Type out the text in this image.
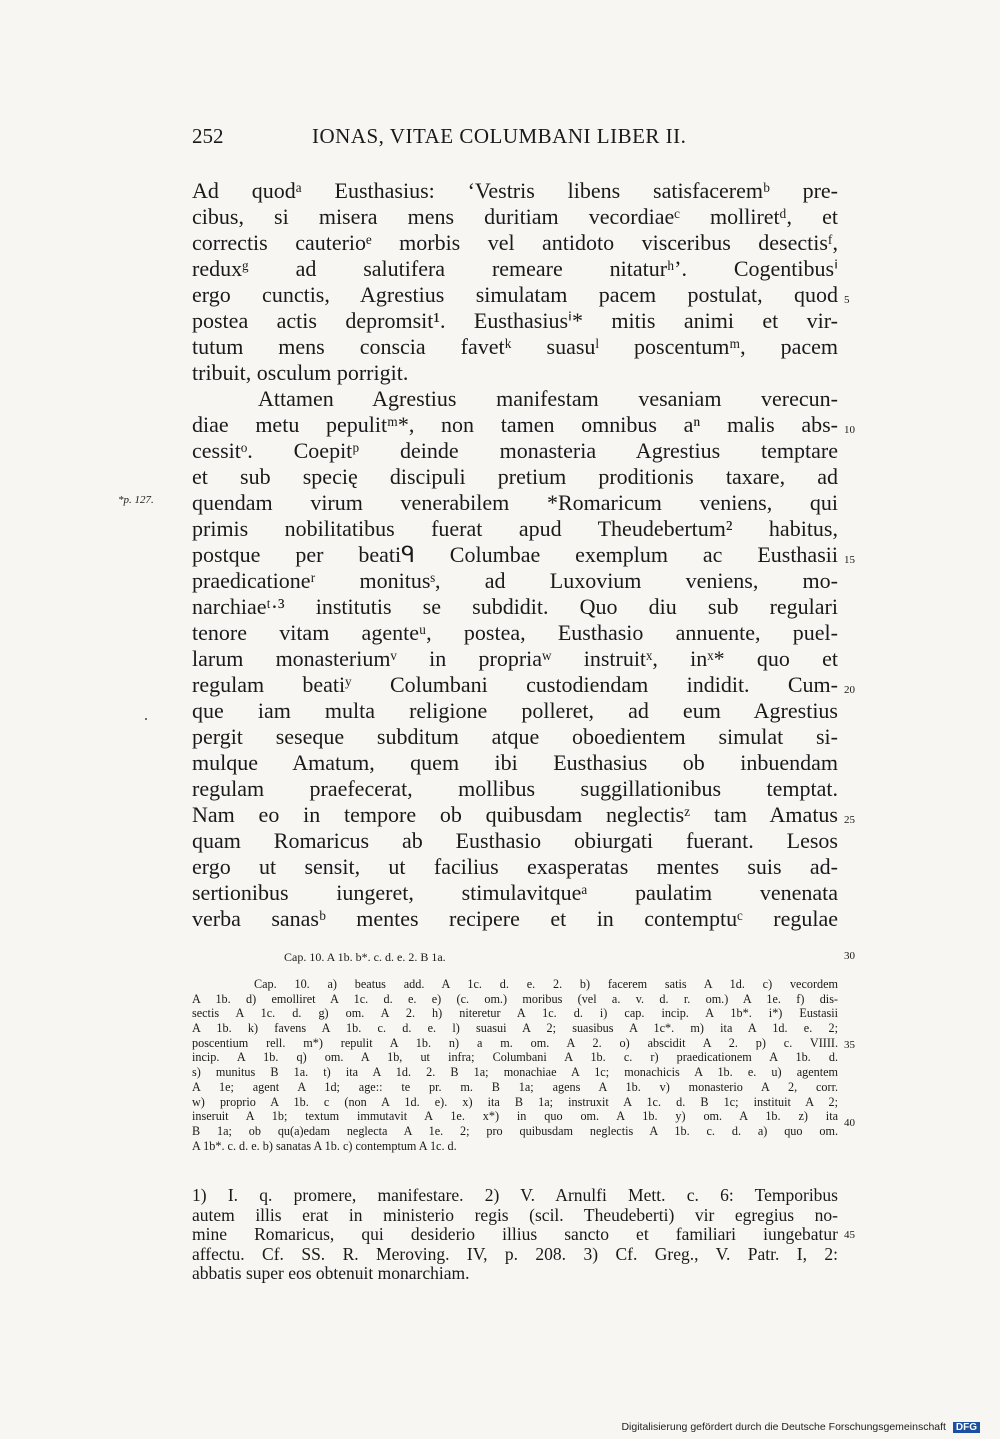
252	IONAS, VITAE COLUMBANI LIBER II.
Ad quodᵃ Eusthasius: ‘Vestris libens satisfaceremᵇ pre-
cibus, si misera mens duritiam vecordiaeᶜ molliretᵈ, et
correctis cauterioᵉ morbis vel antidoto visceribus desectisᶠ,
reduxᵍ ad salutifera remeare nitaturʰ’. Cogentibusⁱ
ergo cunctis, Agrestius simulatam pacem postulat, quod
postea actis depromsit¹. Eusthasiusⁱ* mitis animi et vir-
tutum mens conscia favetᵏ suasuˡ poscentumᵐ, pacem
tribuit, osculum porrigit.
Attamen Agrestius manifestam vesaniam verecun-
diae metu pepulitᵐ*, non tamen omnibus aⁿ malis abs-
cessitᵒ. Coepitᵖ deinde monasteria Agrestius temptare
et sub specię discipuli pretium proditionis taxare, ad
quendam virum venerabilem *Romaricum veniens, qui
primis nobilitatibus fuerat apud Theudebertum² habitus,
postque per beatiᑫ Columbae exemplum ac Eusthasii
praedicationeʳ monitusˢ, ad Luxovium veniens, mo-
narchiaeᵗ·³ institutis se subdidit. Quo diu sub regulari
tenore vitam agenteᵘ, postea, Eusthasio annuente, puel-
larum monasteriumᵛ in propriaʷ instruitˣ, inˣ* quo et
regulam beatiʸ Columbani custodiendam indidit. Cum-
que iam multa religione polleret, ad eum Agrestius
pergit seseque subditum atque oboedientem simulat si-
mulque Amatum, quem ibi Eusthasius ob inbuendam
regulam praefecerat, mollibus suggillationibus temptat.
Nam eo in tempore ob quibusdam neglectisᶻ tam Amatus
quam Romaricus ab Eusthasio obiurgati fuerant. Lesos
ergo ut sensit, ut facilius exasperatas mentes suis ad-
sertionibus iungeret, stimulavitqueᵃ paulatim venenata
verba sanasᵇ mentes recipere et in contemptuᶜ regulae
5
10
15
20
25
*p. 127.
Cap. 10. A 1b. b*. c. d. e. 2. B 1a.	30
Cap. 10. a) beatus add. A 1c. d. e. 2. b) facerem satis A 1d. c) vecordem
A 1b. d) emolliret A 1c. d. e. e) (c. om.) moribus (vel a. v. d. r. om.) A 1e. f) dis-
sectis A 1c. d. g) om. A 2. h) niteretur A 1c. d. i) cap. incip. A 1b*. i*) Eustasii
A 1b. k) favens A 1b. c. d. e. l) suasui A 2; suasibus A 1c*. m) ita A 1d. e. 2;
poscentium rell. m*) repulit A 1b. n) a m. om. A 2. o) abscidit A 2. p) c. VIIII.
incip. A 1b. q) om. A 1b, ut infra; Columbani A 1b. c. r) praedicationem A 1b. d.
s) munitus B 1a. t) ita A 1d. 2. B 1a; monachiae A 1c; monachicis A 1b. e. u) agentem
A 1e; agent A 1d; age:: te pr. m. B 1a; agens A 1b. v) monasterio A 2, corr.
w) proprio A 1b. c (non A 1d. e). x) ita B 1a; instruxit A 1c. d. B 1c; instituit A 2;
inseruit A 1b; textum immutavit A 1e. x*) in quo om. A 1b. y) om. A 1b. z) ita
B 1a; ob qu(a)edam neglecta A 1e. 2; pro quibusdam neglectis A 1b. c. d. a) quo om.
A 1b*. c. d. e. b) sanatas A 1b. c) contemptum A 1c. d.
35
40
1) I. q. promere, manifestare. 2) V. Arnulfi Mett. c. 6: Temporibus
autem illis erat in ministerio regis (scil. Theudeberti) vir egregius no-
mine Romaricus, qui desiderio illius sancto et familiari iungebatur
affectu. Cf. SS. R. Meroving. IV, p. 208. 3) Cf. Greg., V. Patr. I, 2:
abbatis super eos obtenuit monarchiam.
45
Digitalisierung gefördert durch die Deutsche Forschungsgemeinschaft DFG
